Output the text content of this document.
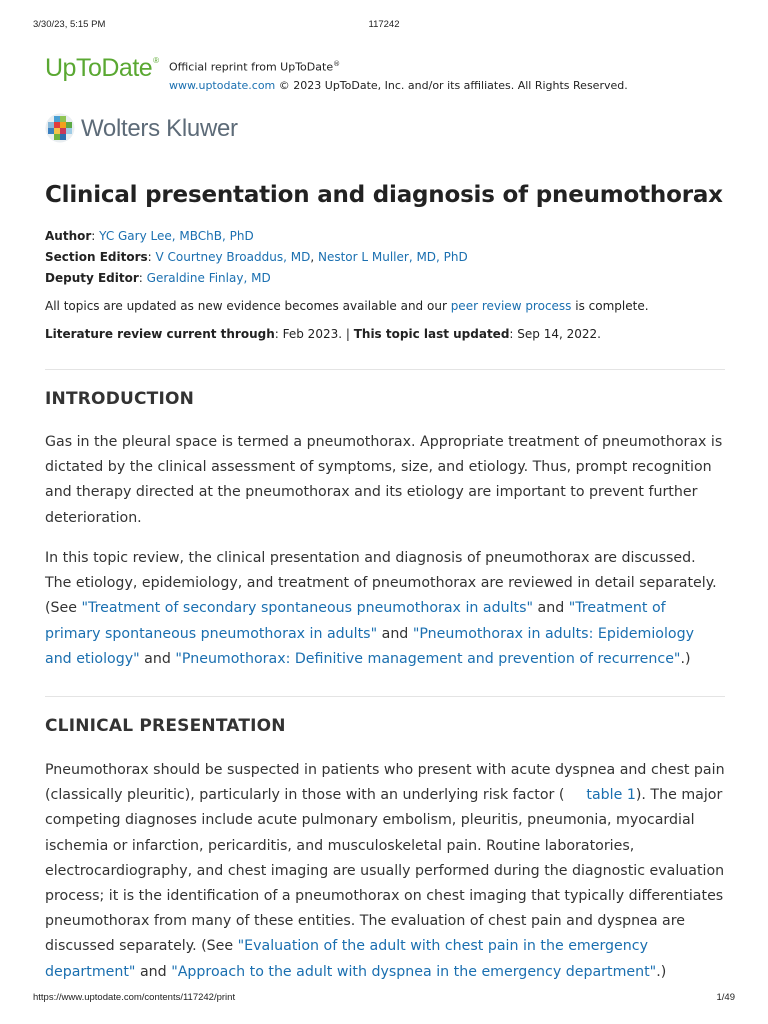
3/30/23, 5:15 PM	117242
UpToDate®
Official reprint from UpToDate®
www.uptodate.com © 2023 UpToDate, Inc. and/or its affiliates. All Rights Reserved.
Wolters Kluwer
Clinical presentation and diagnosis of pneumothorax
Author: YC Gary Lee, MBChB, PhD
Section Editors: V Courtney Broaddus, MD, Nestor L Muller, MD, PhD
Deputy Editor: Geraldine Finlay, MD
All topics are updated as new evidence becomes available and our peer review process is complete.
Literature review current through: Feb 2023. | This topic last updated: Sep 14, 2022.
INTRODUCTION

Gas in the pleural space is termed a pneumothorax. Appropriate treatment of pneumothorax is dictated by the clinical assessment of symptoms, size, and etiology. Thus, prompt recognition and therapy directed at the pneumothorax and its etiology are important to prevent further deterioration.

In this topic review, the clinical presentation and diagnosis of pneumothorax are discussed. The etiology, epidemiology, and treatment of pneumothorax are reviewed in detail separately. (See "Treatment of secondary spontaneous pneumothorax in adults" and "Treatment of primary spontaneous pneumothorax in adults" and "Pneumothorax in adults: Epidemiology and etiology" and "Pneumothorax: Definitive management and prevention of recurrence".)

CLINICAL PRESENTATION

Pneumothorax should be suspected in patients who present with acute dyspnea and chest pain (classically pleuritic), particularly in those with an underlying risk factor ( table 1). The major competing diagnoses include acute pulmonary embolism, pleuritis, pneumonia, myocardial ischemia or infarction, pericarditis, and musculoskeletal pain. Routine laboratories, electrocardiography, and chest imaging are usually performed during the diagnostic evaluation process; it is the identification of a pneumothorax on chest imaging that typically differentiates pneumothorax from many of these entities. The evaluation of chest pain and dyspnea are discussed separately. (See "Evaluation of the adult with chest pain in the emergency department" and "Approach to the adult with dyspnea in the emergency department".)

https://www.uptodate.com/contents/117242/print	1/49
